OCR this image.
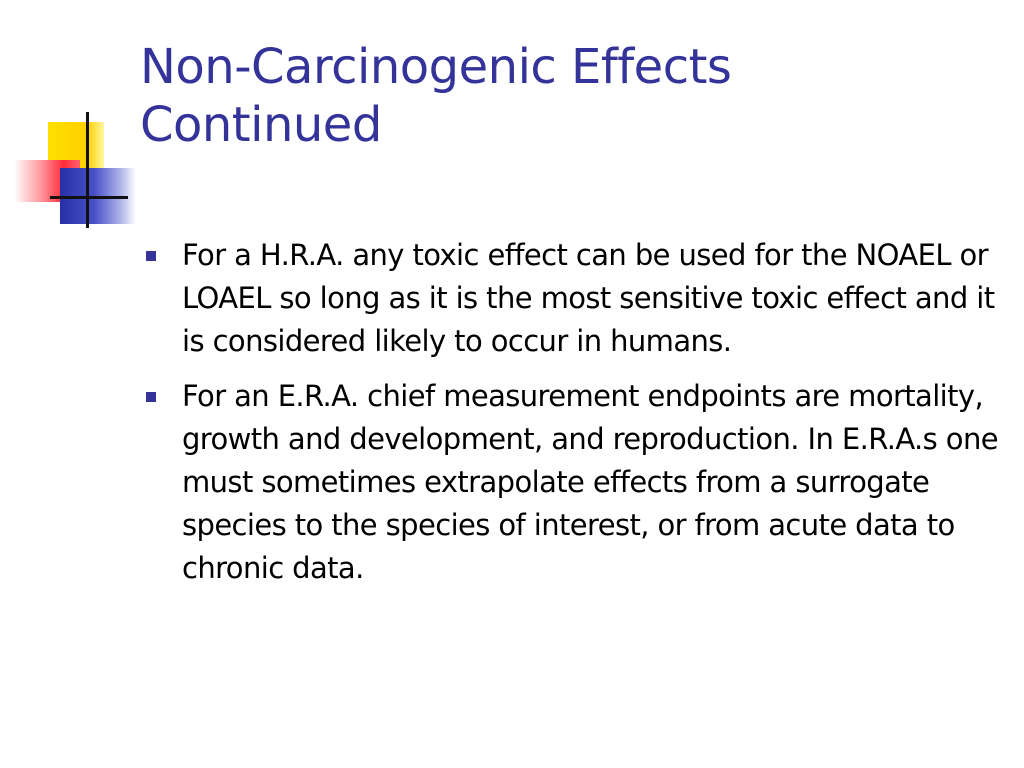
Non-Carcinogenic Effects
Continued
For a H.R.A. any toxic effect can be used for the NOAEL or LOAEL so long as it is the most sensitive toxic effect and it is considered likely to occur in humans.
For an E.R.A. chief measurement endpoints are mortality, growth and development, and reproduction. In E.R.A.s one must sometimes extrapolate effects from a surrogate species to the species of interest, or from acute data to chronic data.
